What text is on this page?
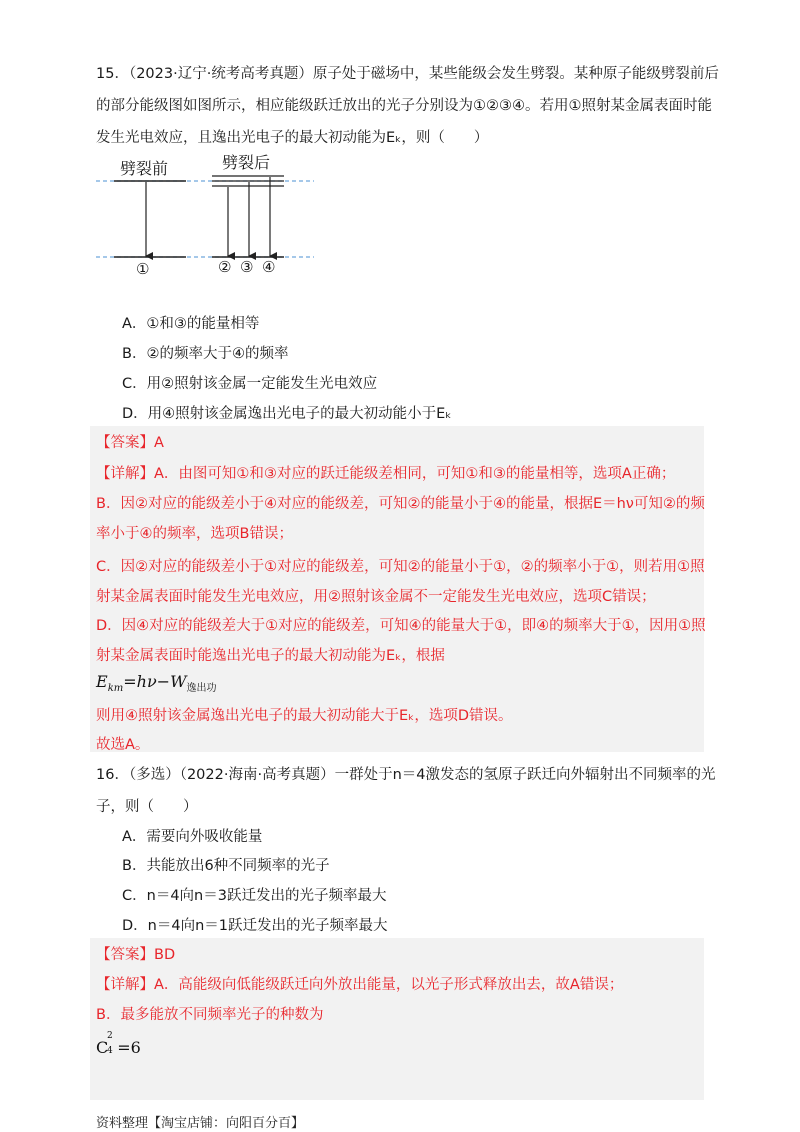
15．（2023·辽宁·统考高考真题）原子处于磁场中，某些能级会发生劈裂。某种原子能级劈裂前后
的部分能级图如图所示，相应能级跃迁放出的光子分别设为①②③④。若用①照射某金属表面时能
发生光电效应，且逸出光电子的最大初动能为Eₖ，则（　　）
劈裂前	劈裂后
①	② ③ ④
A．①和③的能量相等
B．②的频率大于④的频率
C．用②照射该金属一定能发生光电效应
D．用④照射该金属逸出光电子的最大初动能小于Eₖ
【答案】A
【详解】A．由图可知①和③对应的跃迁能级差相同，可知①和③的能量相等，选项A正确；
B．因②对应的能级差小于④对应的能级差，可知②的能量小于④的能量，根据E＝hν可知②的频
率小于④的频率，选项B错误；
C．因②对应的能级差小于①对应的能级差，可知②的能量小于①，②的频率小于①，则若用①照
射某金属表面时能发生光电效应，用②照射该金属不一定能发生光电效应，选项C错误；
D．因④对应的能级差大于①对应的能级差，可知④的能量大于①，即④的频率大于①，因用①照
射某金属表面时能逸出光电子的最大初动能为Eₖ，根据
$E_{km}=h\nu-W_{逸出功}$
则用④照射该金属逸出光电子的最大初动能大于Eₖ，选项D错误。
故选A。
16．（多选）（2022·海南·高考真题）一群处于n＝4激发态的氢原子跃迁向外辐射出不同频率的光
子，则（　　）
A．需要向外吸收能量
B．共能放出6种不同频率的光子
C．n＝4向n＝3跃迁发出的光子频率最大
D．n＝4向n＝1跃迁发出的光子频率最大
【答案】BD
【详解】A．高能级向低能级跃迁向外放出能量，以光子形式释放出去，故A错误；
B．最多能放不同频率光子的种数为
C
2
4 =6
资料整理【淘宝店铺：向阳百分百】
